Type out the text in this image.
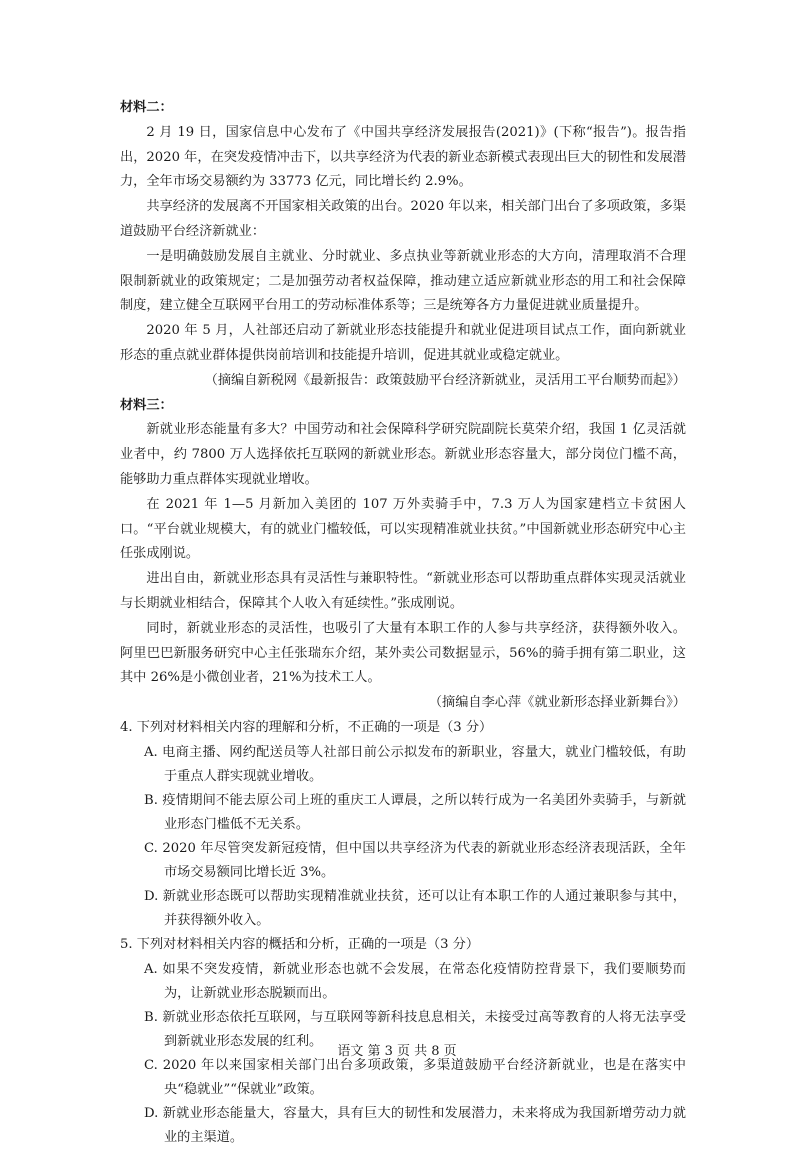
材料二：

2 月 19 日，国家信息中心发布了《中国共享经济发展报告(2021)》(下称“报告”)。报告指出，2020 年，在突发疫情冲击下，以共享经济为代表的新业态新模式表现出巨大的韧性和发展潜力，全年市场交易额约为 33773 亿元，同比增长约 2.9%。

共享经济的发展离不开国家相关政策的出台。2020 年以来，相关部门出台了多项政策，多渠道鼓励平台经济新就业：

一是明确鼓励发展自主就业、分时就业、多点执业等新就业形态的大方向，清理取消不合理限制新就业的政策规定；二是加强劳动者权益保障，推动建立适应新就业形态的用工和社会保障制度，建立健全互联网平台用工的劳动标准体系等；三是统筹各方力量促进就业质量提升。

2020 年 5 月，人社部还启动了新就业形态技能提升和就业促进项目试点工作，面向新就业形态的重点就业群体提供岗前培训和技能提升培训，促进其就业或稳定就业。

（摘编自新税网《最新报告：政策鼓励平台经济新就业，灵活用工平台顺势而起》）

材料三：

新就业形态能量有多大？中国劳动和社会保障科学研究院副院长莫荣介绍，我国 1 亿灵活就业者中，约 7800 万人选择依托互联网的新就业形态。新就业形态容量大，部分岗位门槛不高，能够助力重点群体实现就业增收。

在 2021 年 1—5 月新加入美团的 107 万外卖骑手中，7.3 万人为国家建档立卡贫困人口。“平台就业规模大，有的就业门槛较低，可以实现精准就业扶贫。”中国新就业形态研究中心主任张成刚说。

进出自由，新就业形态具有灵活性与兼职特性。“新就业形态可以帮助重点群体实现灵活就业与长期就业相结合，保障其个人收入有延续性。”张成刚说。

同时，新就业形态的灵活性，也吸引了大量有本职工作的人参与共享经济，获得额外收入。阿里巴巴新服务研究中心主任张瑞东介绍，某外卖公司数据显示，56%的骑手拥有第二职业，这其中 26%是小微创业者，21%为技术工人。

（摘编自李心萍《就业新形态择业新舞台》）

4. 下列对材料相关内容的理解和分析，不正确的一项是（3 分）

A. 电商主播、网约配送员等人社部日前公示拟发布的新职业，容量大，就业门槛较低，有助于重点人群实现就业增收。

B. 疫情期间不能去原公司上班的重庆工人谭晨，之所以转行成为一名美团外卖骑手，与新就业形态门槛低不无关系。

C. 2020 年尽管突发新冠疫情，但中国以共享经济为代表的新就业形态经济表现活跃，全年市场交易额同比增长近 3%。

D. 新就业形态既可以帮助实现精准就业扶贫，还可以让有本职工作的人通过兼职参与其中，并获得额外收入。

5. 下列对材料相关内容的概括和分析，正确的一项是（3 分）

A. 如果不突发疫情，新就业形态也就不会发展，在常态化疫情防控背景下，我们要顺势而为，让新就业形态脱颖而出。

B. 新就业形态依托互联网，与互联网等新科技息息相关，未接受过高等教育的人将无法享受到新就业形态发展的红利。

C. 2020 年以来国家相关部门出台多项政策，多渠道鼓励平台经济新就业，也是在落实中央“稳就业”“保就业”政策。

D. 新就业形态能量大，容量大，具有巨大的韧性和发展潜力，未来将成为我国新增劳动力就业的主渠道。

语文 第 3 页 共 8 页
